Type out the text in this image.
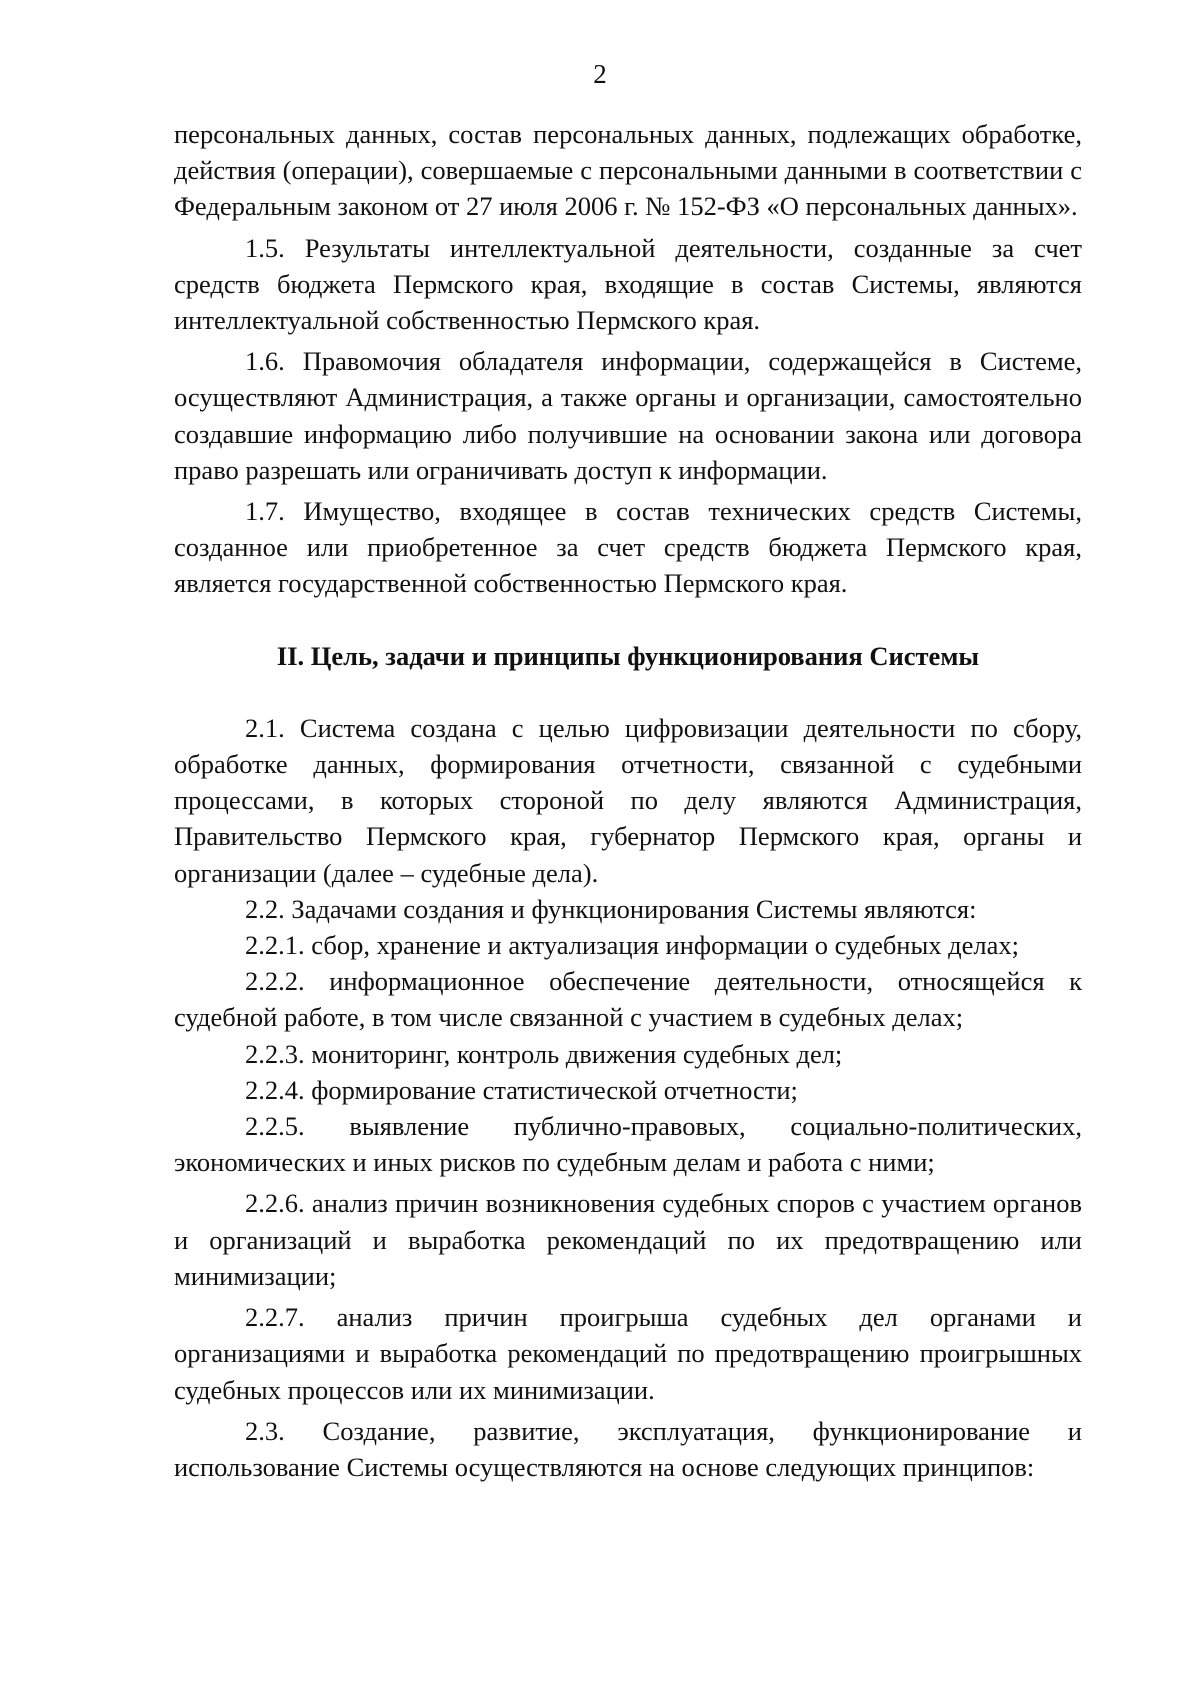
2

персональных данных, состав персональных данных, подлежащих обработке, действия (операции), совершаемые с персональными данными в соответствии с Федеральным законом от 27 июля 2006 г. № 152-ФЗ «О персональных данных».

1.5. Результаты интеллектуальной деятельности, созданные за счет средств бюджета Пермского края, входящие в состав Системы, являются интеллектуальной собственностью Пермского края.

1.6. Правомочия обладателя информации, содержащейся в Системе, осуществляют Администрация, а также органы и организации, самостоятельно создавшие информацию либо получившие на основании закона или договора право разрешать или ограничивать доступ к информации.

1.7. Имущество, входящее в состав технических средств Системы, созданное или приобретенное за счет средств бюджета Пермского края, является государственной собственностью Пермского края.

II. Цель, задачи и принципы функционирования Системы

2.1. Система создана с целью цифровизации деятельности по сбору, обработке данных, формирования отчетности, связанной с судебными процессами, в которых стороной по делу являются Администрация, Правительство Пермского края, губернатор Пермского края, органы и организации (далее – судебные дела).

2.2. Задачами создания и функционирования Системы являются:

2.2.1. сбор, хранение и актуализация информации о судебных делах;

2.2.2. информационное обеспечение деятельности, относящейся к судебной работе, в том числе связанной с участием в судебных делах;

2.2.3. мониторинг, контроль движения судебных дел;

2.2.4. формирование статистической отчетности;

2.2.5. выявление публично-правовых, социально-политических, экономических и иных рисков по судебным делам и работа с ними;

2.2.6. анализ причин возникновения судебных споров с участием органов и организаций и выработка рекомендаций по их предотвращению или минимизации;

2.2.7. анализ причин проигрыша судебных дел органами и организациями и выработка рекомендаций по предотвращению проигрышных судебных процессов или их минимизации.

2.3. Создание, развитие, эксплуатация, функционирование и использование Системы осуществляются на основе следующих принципов:
